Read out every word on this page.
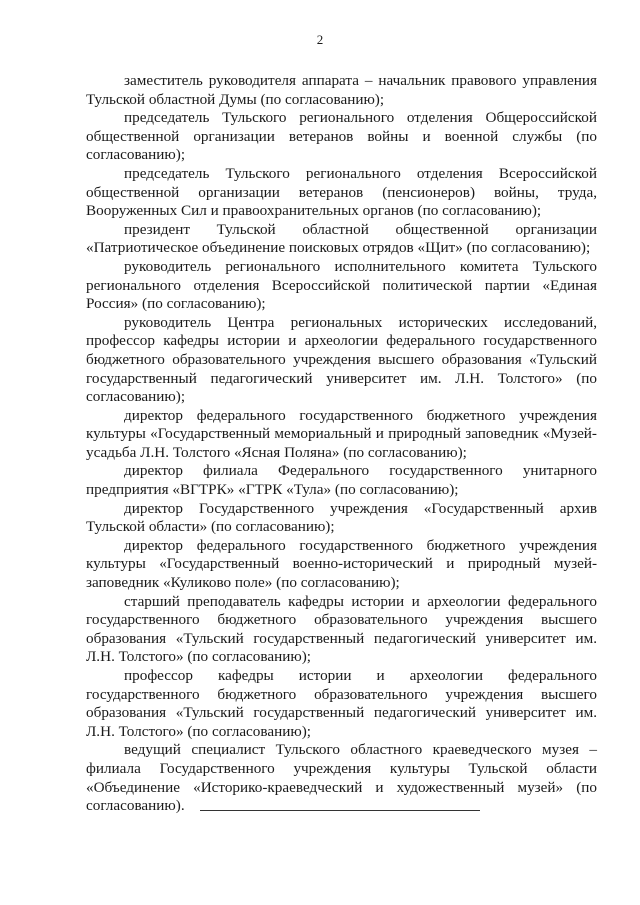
2

заместитель руководителя аппарата – начальник правового управления Тульской областной Думы (по согласованию);

председатель Тульского регионального отделения Общероссийской общественной организации ветеранов войны и военной службы (по согласованию);

председатель Тульского регионального отделения Всероссийской общественной организации ветеранов (пенсионеров) войны, труда, Вооруженных Сил и правоохранительных органов (по согласованию);

президент Тульской областной общественной организации «Патриотическое объединение поисковых отрядов «Щит» (по согласованию);

руководитель регионального исполнительного комитета Тульского регионального отделения Всероссийской политической партии «Единая Россия» (по согласованию);

руководитель Центра региональных исторических исследований, профессор кафедры истории и археологии федерального государственного бюджетного образовательного учреждения высшего образования «Тульский государственный педагогический университет им. Л.Н. Толстого» (по согласованию);

директор федерального государственного бюджетного учреждения культуры «Государственный мемориальный и природный заповедник «Музей-усадьба Л.Н. Толстого «Ясная Поляна» (по согласованию);

директор филиала Федерального государственного унитарного предприятия «ВГТРК» «ГТРК «Тула» (по согласованию);

директор Государственного учреждения «Государственный архив Тульской области» (по согласованию);

директор федерального государственного бюджетного учреждения культуры «Государственный военно-исторический и природный музей-заповедник «Куликово поле» (по согласованию);

старший преподаватель кафедры истории и археологии федерального государственного бюджетного образовательного учреждения высшего образования «Тульский государственный педагогический университет им. Л.Н. Толстого» (по согласованию);

профессор кафедры истории и археологии федерального государственного бюджетного образовательного учреждения высшего образования «Тульский государственный педагогический университет им. Л.Н. Толстого» (по согласованию);

ведущий специалист Тульского областного краеведческого музея – филиала Государственного учреждения культуры Тульской области «Объединение «Историко-краеведческий и художественный музей» (по согласованию).
